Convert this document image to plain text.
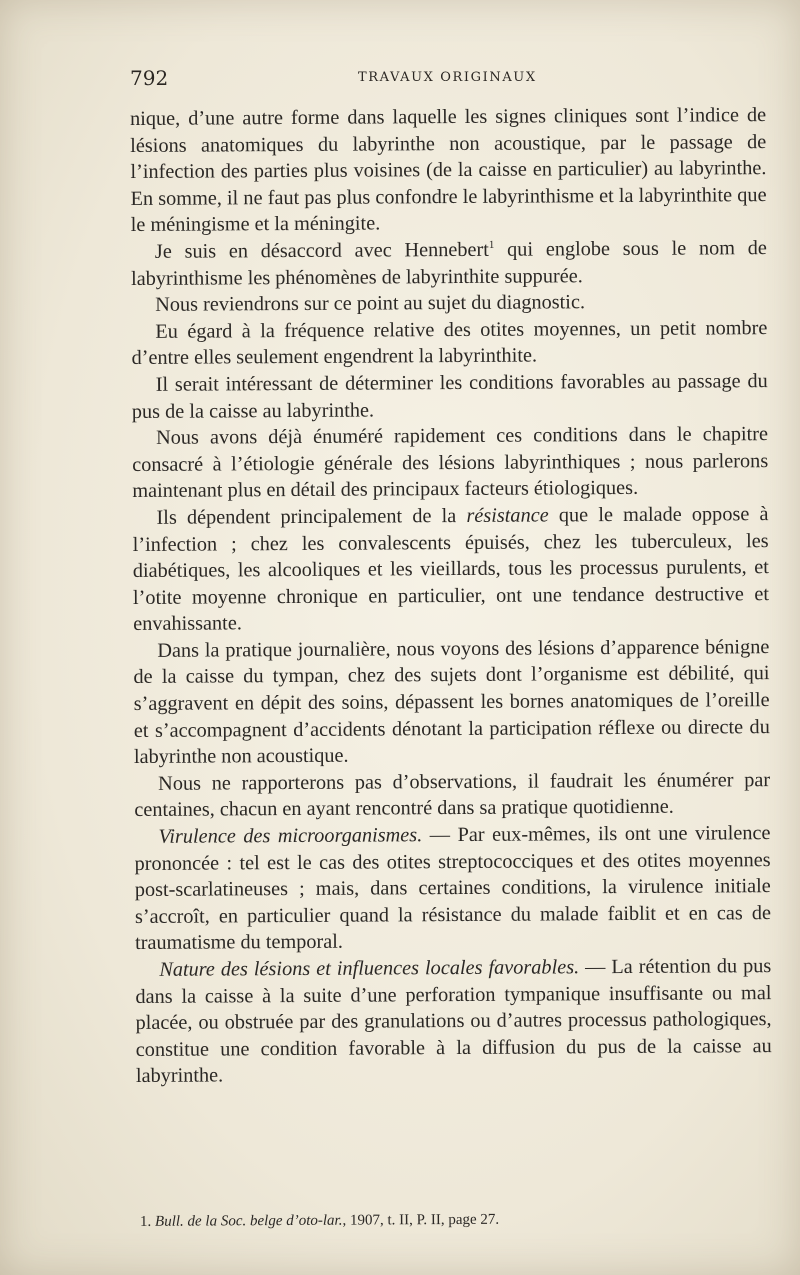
792	TRAVAUX ORIGINAUX

nique, d’une autre forme dans laquelle les signes cliniques sont l’indice de lésions anatomiques du labyrinthe non acoustique, par le passage de l’infection des parties plus voisines (de la caisse en particulier) au labyrinthe. En somme, il ne faut pas plus confondre le labyrinthisme et la labyrinthite que le méningisme et la méningite.

Je suis en désaccord avec Hennebert$^1$ qui englobe sous le nom de labyrinthisme les phénomènes de labyrinthite suppurée.

Nous reviendrons sur ce point au sujet du diagnostic.

Eu égard à la fréquence relative des otites moyennes, un petit nombre d’entre elles seulement engendrent la labyrinthite.

Il serait intéressant de déterminer les conditions favorables au passage du pus de la caisse au labyrinthe.

Nous avons déjà énuméré rapidement ces conditions dans le chapitre consacré à l’étiologie générale des lésions labyrinthiques ; nous parlerons maintenant plus en détail des principaux facteurs étiologiques.

Ils dépendent principalement de la résistance que le malade oppose à l’infection ; chez les convalescents épuisés, chez les tuberculeux, les diabétiques, les alcooliques et les vieillards, tous les processus purulents, et l’otite moyenne chronique en particulier, ont une tendance destructive et envahissante.

Dans la pratique journalière, nous voyons des lésions d’apparence bénigne de la caisse du tympan, chez des sujets dont l’organisme est débilité, qui s’aggravent en dépit des soins, dépassent les bornes anatomiques de l’oreille et s’accompagnent d’accidents dénotant la participation réflexe ou directe du labyrinthe non acoustique.

Nous ne rapporterons pas d’observations, il faudrait les énumérer par centaines, chacun en ayant rencontré dans sa pratique quotidienne.

Virulence des microorganismes. — Par eux-mêmes, ils ont une virulence prononcée : tel est le cas des otites streptococciques et des otites moyennes post-scarlatineuses ; mais, dans certaines conditions, la virulence initiale s’accroît, en particulier quand la résistance du malade faiblit et en cas de traumatisme du temporal.

Nature des lésions et influences locales favorables. — La rétention du pus dans la caisse à la suite d’une perforation tympanique insuffisante ou mal placée, ou obstruée par des granulations ou d’autres processus pathologiques, constitue une condition favorable à la diffusion du pus de la caisse au labyrinthe.

1. Bull. de la Soc. belge d’oto-lar., 1907, t. II, P. II, page 27.
